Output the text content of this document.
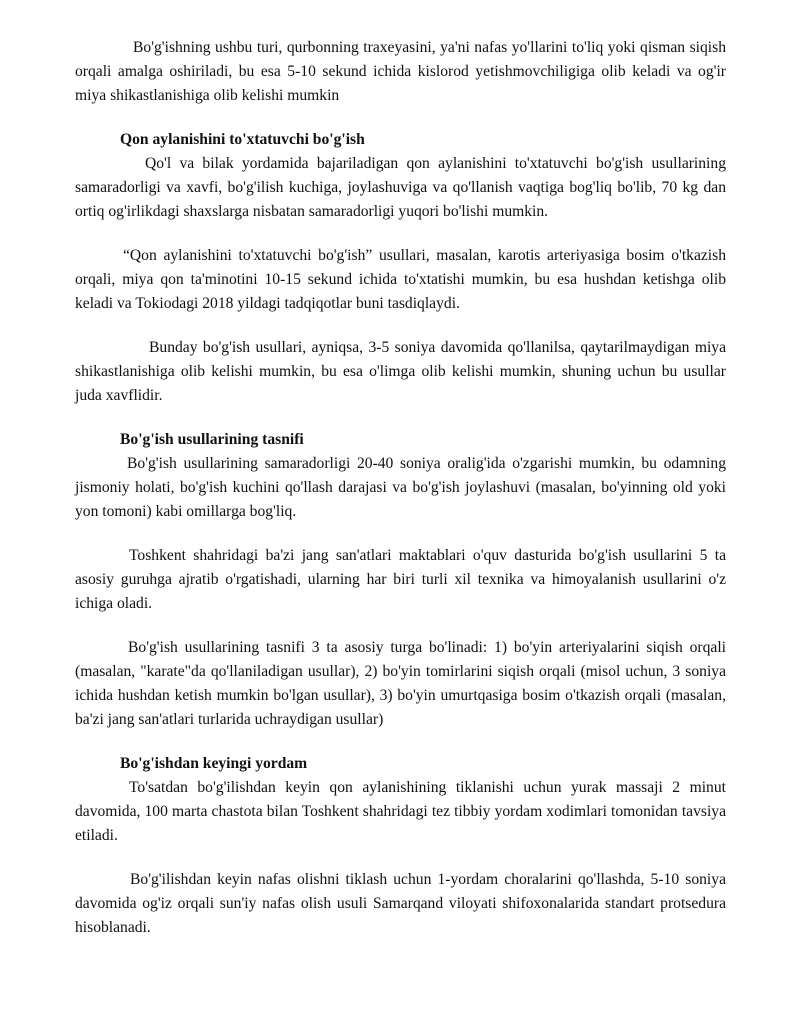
Bo'g'ishning ushbu turi, qurbonning traxeyasini, ya'ni nafas yo'llarini to'liq yoki qisman siqish orqali amalga oshiriladi, bu esa 5-10 sekund ichida kislorod yetishmovchiligiga olib keladi va og'ir miya shikastlanishiga olib kelishi mumkin

Qon aylanishini to'xtatuvchi bo'g'ish

Qo'l va bilak yordamida bajariladigan qon aylanishini to'xtatuvchi bo'g'ish usullarining samaradorligi va xavfi, bo'g'ilish kuchiga, joylashuviga va qo'llanish vaqtiga bog'liq bo'lib, 70 kg dan ortiq og'irlikdagi shaxslarga nisbatan samaradorligi yuqori bo'lishi mumkin.

“Qon aylanishini to'xtatuvchi bo'g'ish” usullari, masalan, karotis arteriyasiga bosim o'tkazish orqali, miya qon ta'minotini 10-15 sekund ichida to'xtatishi mumkin, bu esa hushdan ketishga olib keladi va Tokiodagi 2018 yildagi tadqiqotlar buni tasdiqlaydi.

Bunday bo'g'ish usullari, ayniqsa, 3-5 soniya davomida qo'llanilsa, qaytarilmaydigan miya shikastlanishiga olib kelishi mumkin, bu esa o'limga olib kelishi mumkin, shuning uchun bu usullar juda xavflidir.

Bo'g'ish usullarining tasnifi

Bo'g'ish usullarining samaradorligi 20-40 soniya oralig'ida o'zgarishi mumkin, bu odamning jismoniy holati, bo'g'ish kuchini qo'llash darajasi va bo'g'ish joylashuvi (masalan, bo'yinning old yoki yon tomoni) kabi omillarga bog'liq.

Toshkent shahridagi ba'zi jang san'atlari maktablari o'quv dasturida bo'g'ish usullarini 5 ta asosiy guruhga ajratib o'rgatishadi, ularning har biri turli xil texnika va himoyalanish usullarini o'z ichiga oladi.

Bo'g'ish usullarining tasnifi 3 ta asosiy turga bo'linadi: 1) bo'yin arteriyalarini siqish orqali (masalan, "karate"da qo'llaniladigan usullar), 2) bo'yin tomirlarini siqish orqali (misol uchun, 3 soniya ichida hushdan ketish mumkin bo'lgan usullar), 3) bo'yin umurtqasiga bosim o'tkazish orqali (masalan, ba'zi jang san'atlari turlarida uchraydigan usullar)

Bo'g'ishdan keyingi yordam

To'satdan bo'g'ilishdan keyin qon aylanishining tiklanishi uchun yurak massaji 2 minut davomida, 100 marta chastota bilan Toshkent shahridagi tez tibbiy yordam xodimlari tomonidan tavsiya etiladi.

Bo'g'ilishdan keyin nafas olishni tiklash uchun 1-yordam choralarini qo'llashda, 5-10 soniya davomida og'iz orqali sun'iy nafas olish usuli Samarqand viloyati shifoxonalarida standart protsedura hisoblanadi.
